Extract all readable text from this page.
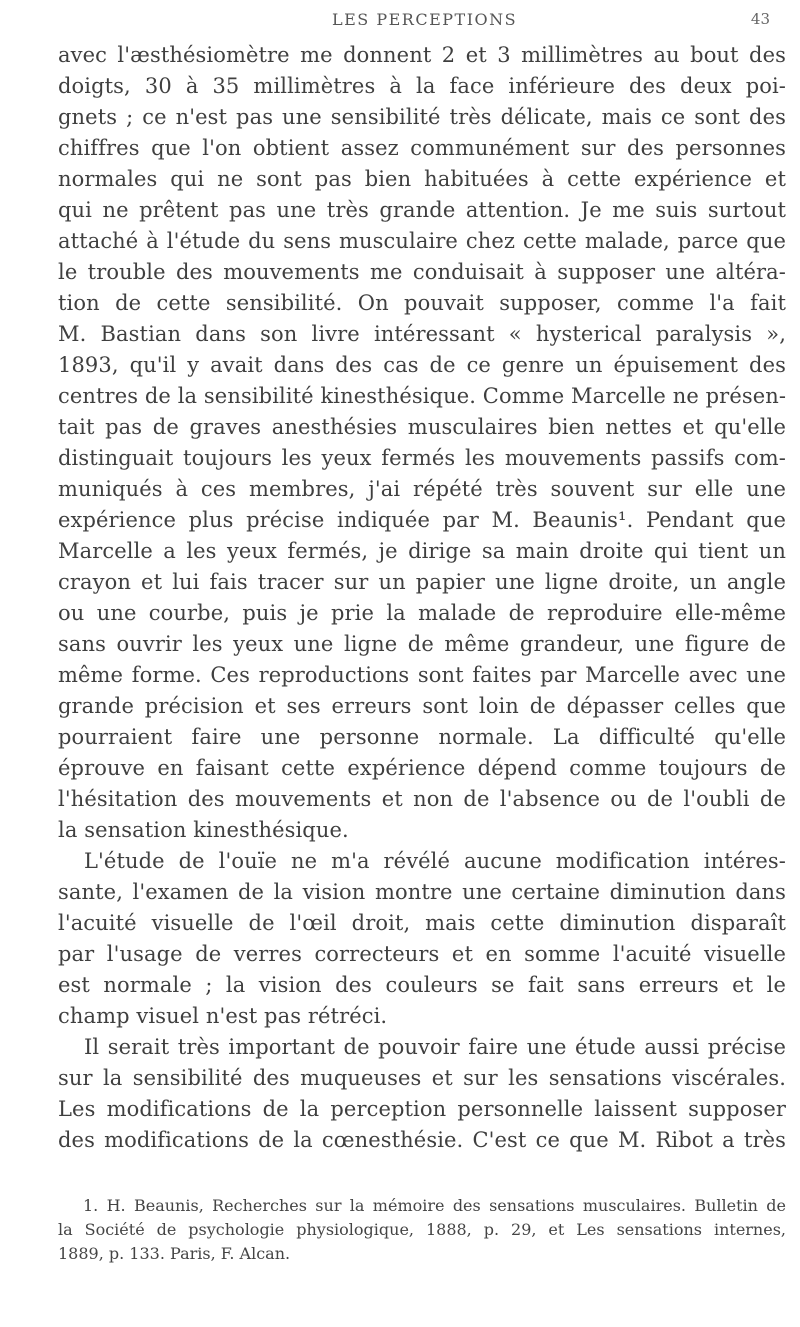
LES PERCEPTIONS	43
avec l'æsthésiomètre me donnent 2 et 3 millimètres au bout des
doigts, 30 à 35 millimètres à la face inférieure des deux poi-
gnets ; ce n'est pas une sensibilité très délicate, mais ce sont des
chiffres que l'on obtient assez communément sur des personnes
normales qui ne sont pas bien habituées à cette expérience et
qui ne prêtent pas une très grande attention. Je me suis surtout
attaché à l'étude du sens musculaire chez cette malade, parce que
le trouble des mouvements me conduisait à supposer une altéra-
tion de cette sensibilité. On pouvait supposer, comme l'a fait
M. Bastian dans son livre intéressant « hysterical paralysis »,
1893, qu'il y avait dans des cas de ce genre un épuisement des
centres de la sensibilité kinesthésique. Comme Marcelle ne présen-
tait pas de graves anesthésies musculaires bien nettes et qu'elle
distinguait toujours les yeux fermés les mouvements passifs com-
muniqués à ces membres, j'ai répété très souvent sur elle une
expérience plus précise indiquée par M. Beaunis¹. Pendant que
Marcelle a les yeux fermés, je dirige sa main droite qui tient un
crayon et lui fais tracer sur un papier une ligne droite, un angle
ou une courbe, puis je prie la malade de reproduire elle-même
sans ouvrir les yeux une ligne de même grandeur, une figure de
même forme. Ces reproductions sont faites par Marcelle avec une
grande précision et ses erreurs sont loin de dépasser celles que
pourraient faire une personne normale. La difficulté qu'elle
éprouve en faisant cette expérience dépend comme toujours de
l'hésitation des mouvements et non de l'absence ou de l'oubli de
la sensation kinesthésique.
L'étude de l'ouïe ne m'a révélé aucune modification intéres-
sante, l'examen de la vision montre une certaine diminution dans
l'acuité visuelle de l'œil droit, mais cette diminution disparaît
par l'usage de verres correcteurs et en somme l'acuité visuelle
est normale ; la vision des couleurs se fait sans erreurs et le
champ visuel n'est pas rétréci.
Il serait très important de pouvoir faire une étude aussi précise
sur la sensibilité des muqueuses et sur les sensations viscérales.
Les modifications de la perception personnelle laissent supposer
des modifications de la cœnesthésie. C'est ce que M. Ribot a très
1. H. Beaunis, Recherches sur la mémoire des sensations musculaires. Bulletin de
la Société de psychologie physiologique, 1888, p. 29, et Les sensations internes,
1889, p. 133. Paris, F. Alcan.
